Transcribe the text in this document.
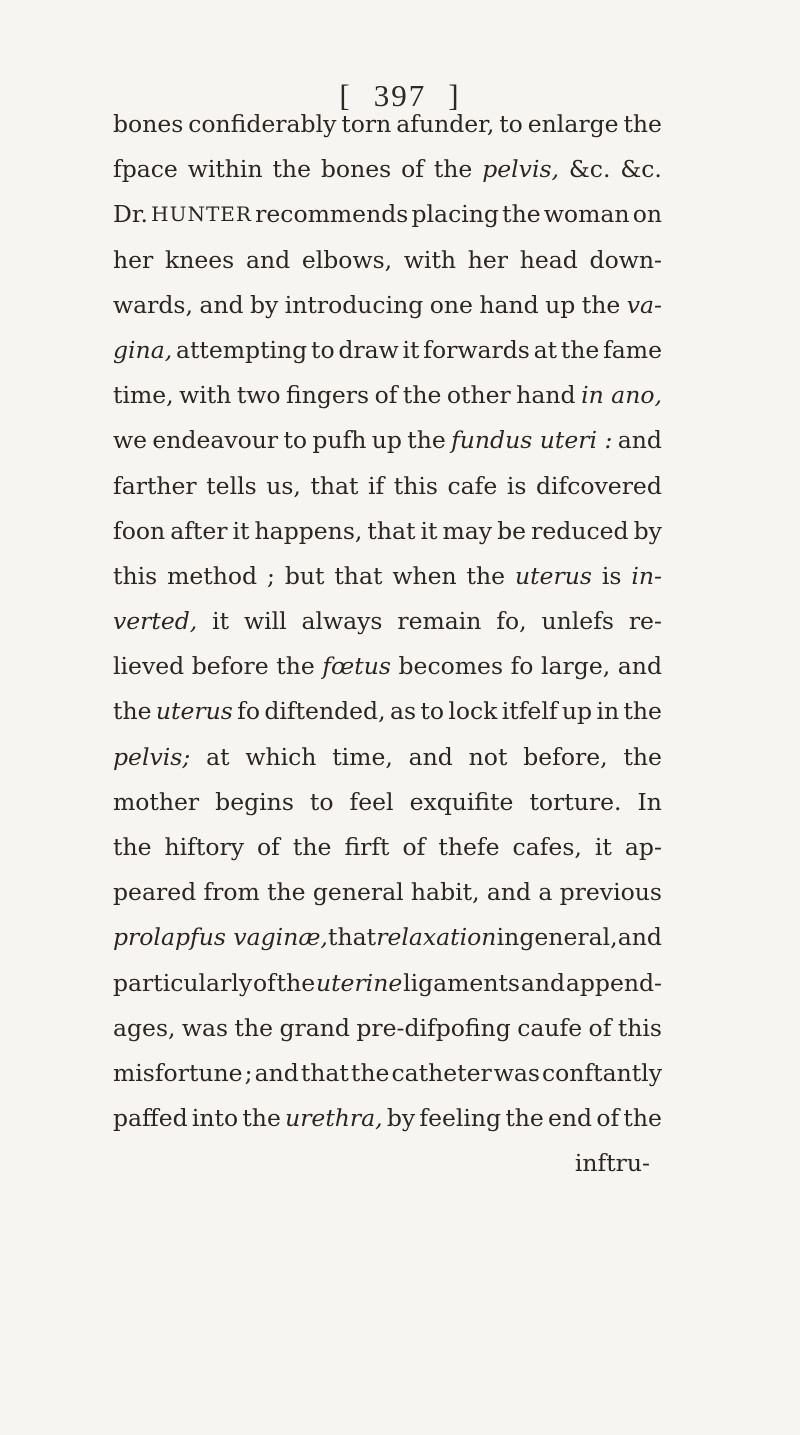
[ 397 ]
bones confiderably torn afunder, to enlarge the
fpace within the bones of the pelvis, &c. &c.
Dr. HUNTER recommends placing the woman on
her knees and elbows, with her head down-
wards, and by introducing one hand up the va-
gina, attempting to draw it forwards at the fame
time, with two fingers of the other hand in ano,
we endeavour to pufh up the fundus uteri : and
farther tells us, that if this cafe is difcovered
foon after it happens, that it may be reduced by
this method ; but that when the uterus is in-
verted, it will always remain fo, unlefs re-
lieved before the fœtus becomes fo large, and
the uterus fo diftended, as to lock itfelf up in the
pelvis; at which time, and not before, the
mother begins to feel exquifite torture. In
the hiftory of the firft of thefe cafes, it ap-
peared from the general habit, and a previous
prolapfus vaginæ, that relaxation in general, and
particularly of the uterine ligaments and append-
ages, was the grand pre-difpofing caufe of this
misfortune ; and that the catheter was conftantly
paffed into the urethra, by feeling the end of the
inftru-
